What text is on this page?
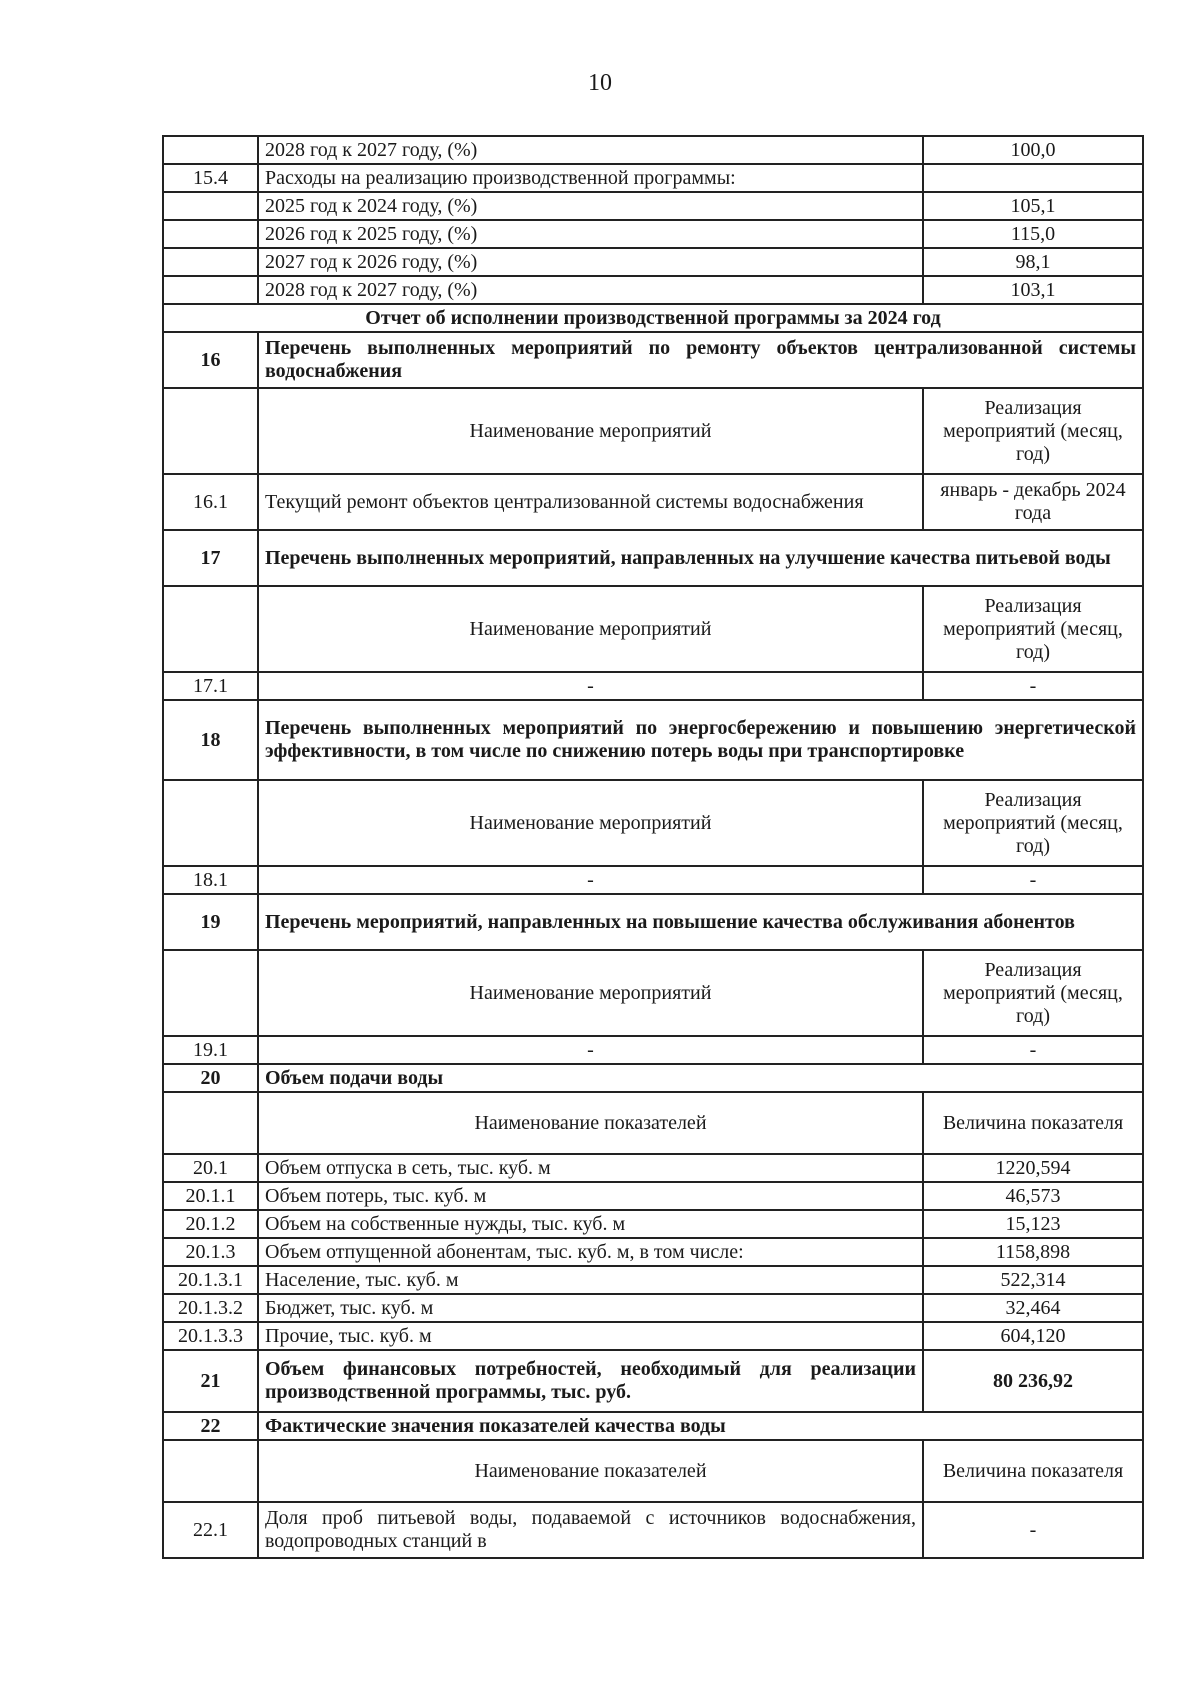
10
	2028 год к 2027 году, (%)	100,0
15.4	Расходы на реализацию производственной программы:	
	2025 год к 2024 году, (%)	105,1
	2026 год к 2025 году, (%)	115,0
	2027 год к 2026 году, (%)	98,1
	2028 год к 2027 году, (%)	103,1
Отчет об исполнении производственной программы за 2024 год		
16	Перечень выполненных мероприятий по ремонту объектов централизованной системы водоснабжения	
	Наименование мероприятий	Реализация мероприятий (месяц, год)
16.1	Текущий ремонт объектов централизованной системы водоснабжения	январь - декабрь 2024 года
17	Перечень выполненных мероприятий, направленных на улучшение качества питьевой воды	
	Наименование мероприятий	Реализация мероприятий (месяц, год)
17.1	-	-
18	Перечень выполненных мероприятий по энергосбережению и повышению энергетической эффективности, в том числе по снижению потерь воды при транспортировке	
	Наименование мероприятий	Реализация мероприятий (месяц, год)
18.1	-	-
19	Перечень мероприятий, направленных на повышение качества обслуживания абонентов	
	Наименование мероприятий	Реализация мероприятий (месяц, год)
19.1	-	-
20	Объем подачи воды	
	Наименование показателей	Величина показателя
20.1	Объем отпуска в сеть, тыс. куб. м	1220,594
20.1.1	Объем потерь, тыс. куб. м	46,573
20.1.2	Объем на собственные нужды, тыс. куб. м	15,123
20.1.3	Объем отпущенной абонентам, тыс. куб. м, в том числе:	1158,898
20.1.3.1	Население, тыс. куб. м	522,314
20.1.3.2	Бюджет, тыс. куб. м	32,464
20.1.3.3	Прочие, тыс. куб. м	604,120
21	Объем финансовых потребностей, необходимый для реализации производственной программы, тыс. руб.	80 236,92
22	Фактические значения показателей качества воды	
	Наименование показателей	Величина показателя
22.1	Доля проб питьевой воды, подаваемой с источников водоснабжения, водопроводных станций в	-
